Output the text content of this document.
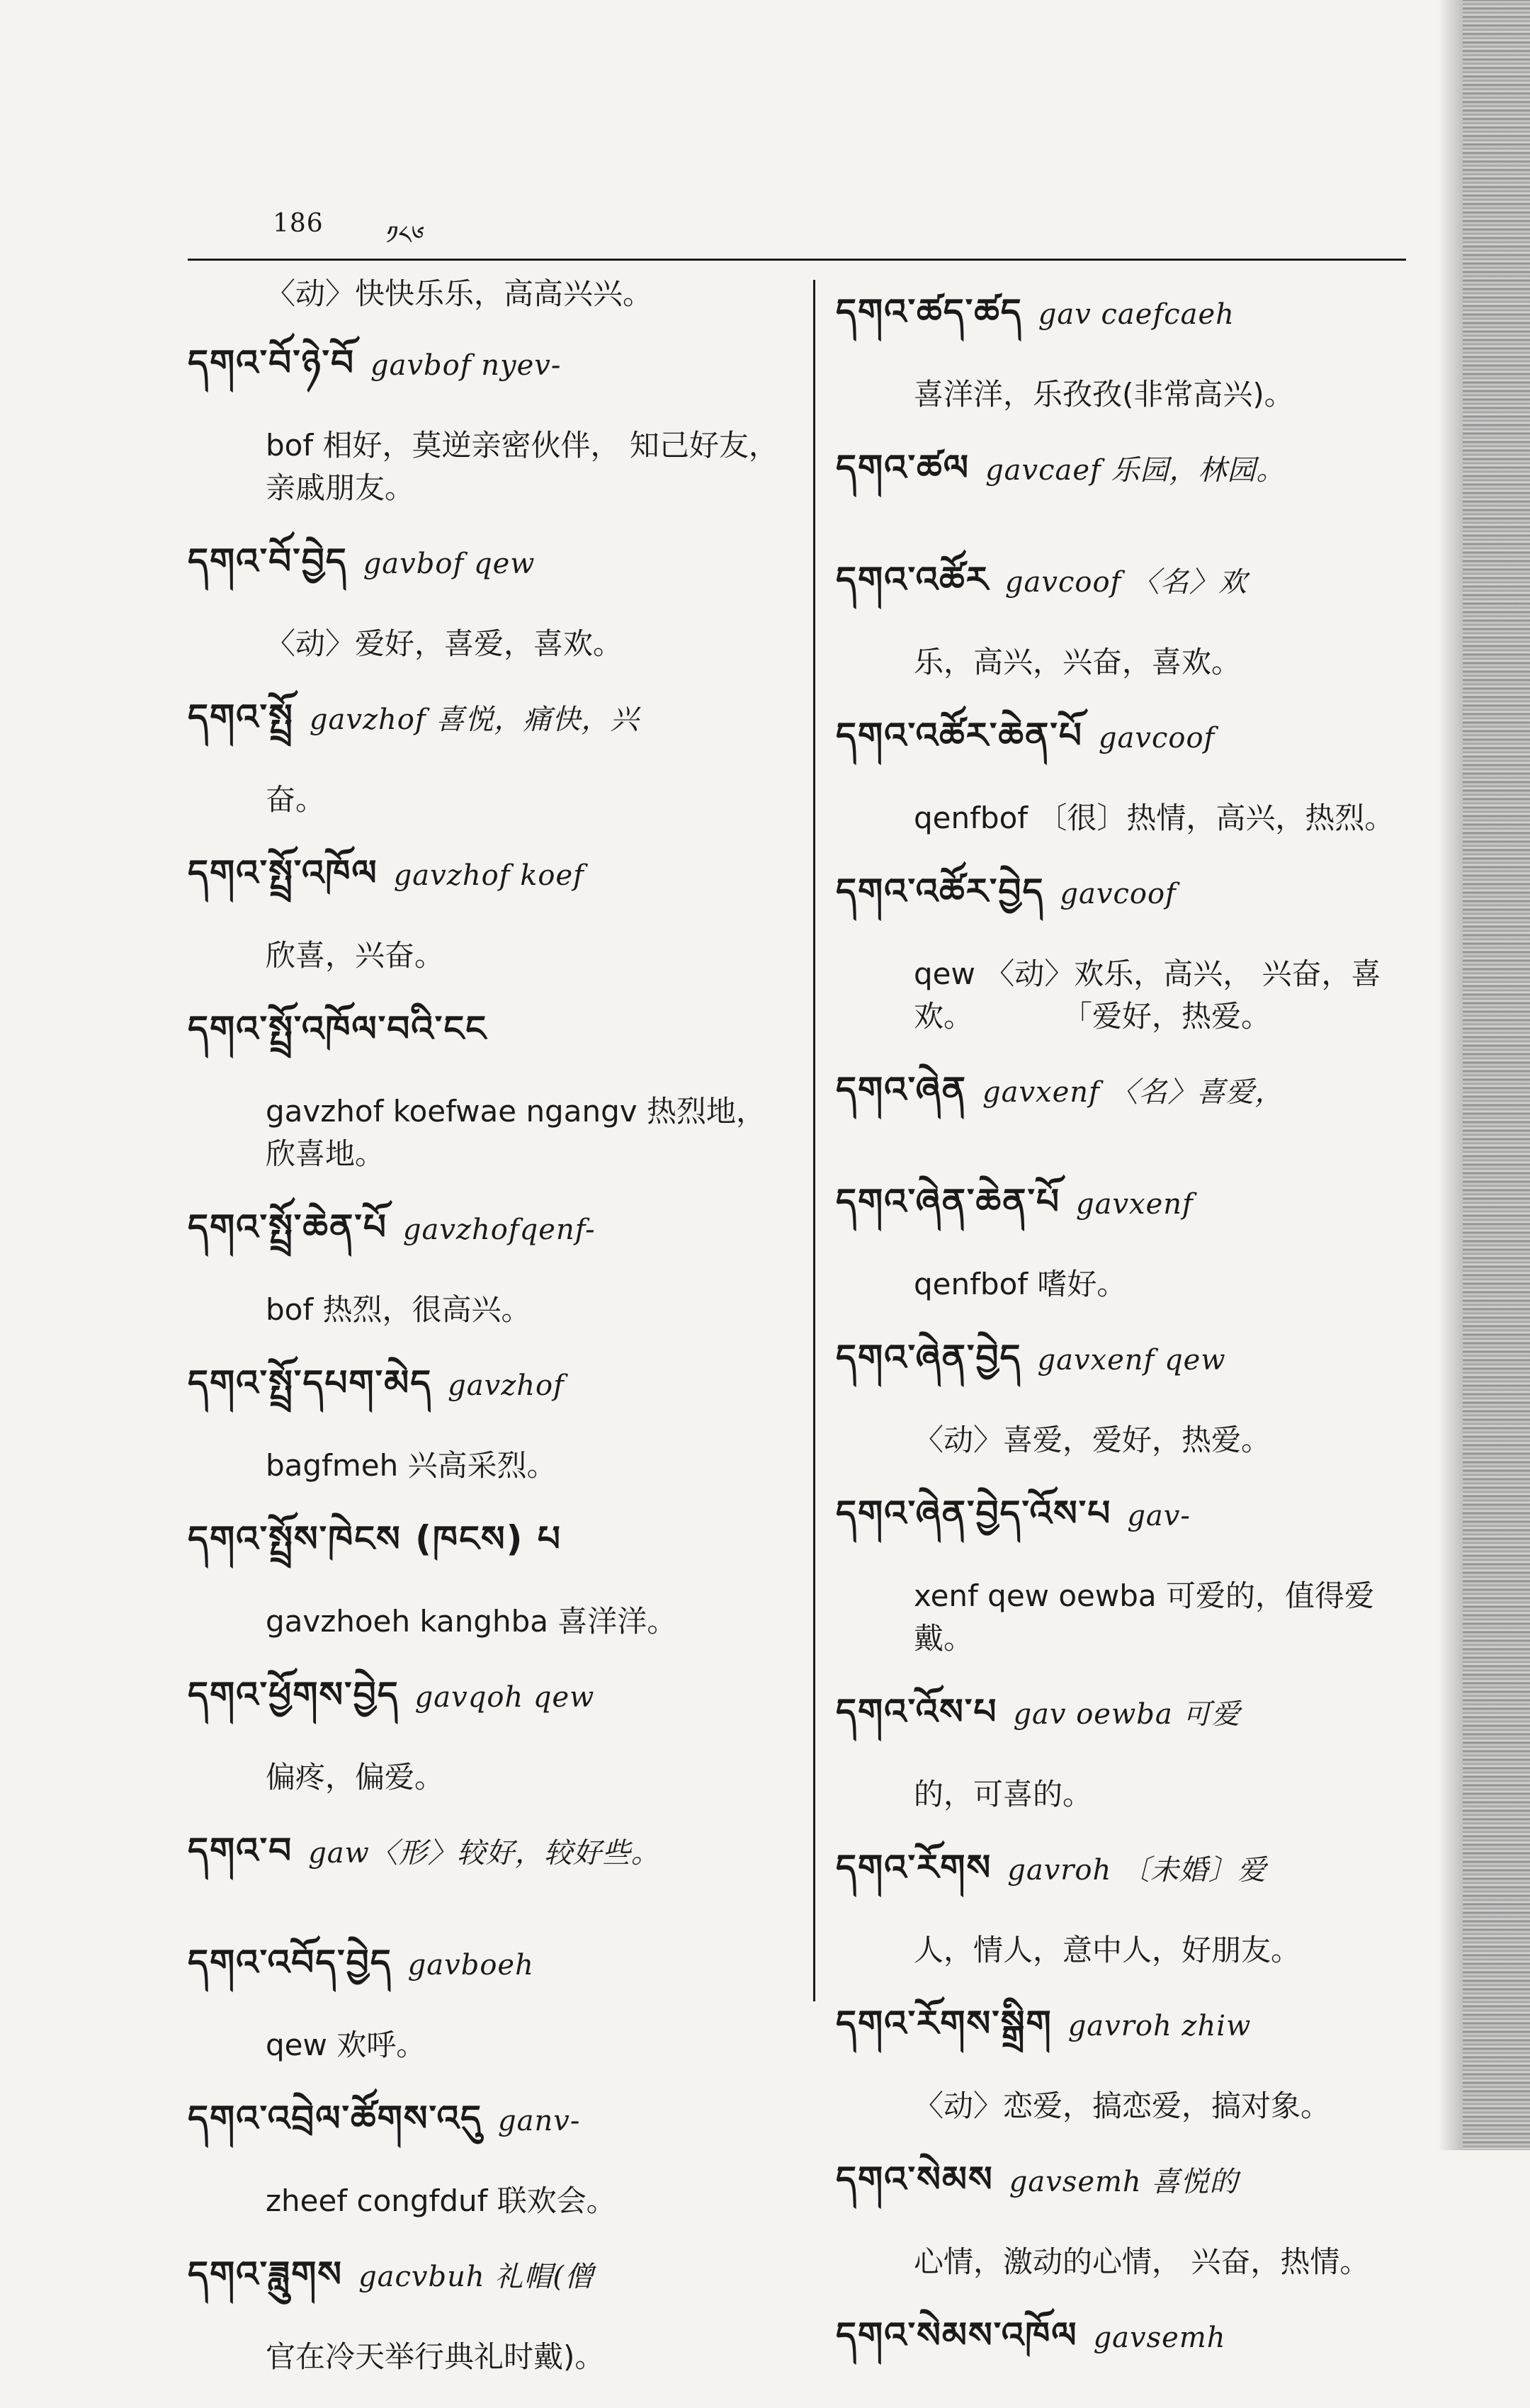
186 ༡༨༦
〈动〉快快乐乐，高高兴兴。
དགའ་བོ་ཉེ་བོ gavbof nyev-
bof 相好，莫逆亲密伙伴， 知己好友，亲戚朋友。
དགའ་བོ་བྱེད gavbof qew
〈动〉爱好，喜爱，喜欢。
དགའ་སྤྲོ gavzhof 喜悦，痛快，兴
奋。
དགའ་སྤྲོ་འཁོལ gavzhof koef
欣喜，兴奋。
དགའ་སྤྲོ་འཁོལ་བའི་ངང
gavzhof koefwae ngangv 热烈地，欣喜地。
དགའ་སྤྲོ་ཆེན་པོ gavzhofqenf-
bof 热烈，很高兴。
དགའ་སྤྲོ་དཔག་མེད gavzhof
bagfmeh 兴高采烈。
དགའ་སྤྲོས་ཁེངས (ཁངས) པ
gavzhoeh kanghba 喜洋洋。
དགའ་ཕྱོགས་བྱེད gavqoh qew
偏疼，偏爱。
དགའ་བ gaw〈形〉较好，较好些。
དགའ་འབོད་བྱེད gavboeh
qew 欢呼。
དགའ་འབྲེལ་ཚོགས་འདུ ganv-
zheef congfduf 联欢会。
དགའ་ཟླུགས gacvbuh 礼帽(僧
官在冷天举行典礼时戴)。
དགའ་ཚད་ཚད gav caefcaeh
喜洋洋，乐孜孜(非常高兴)。
དགའ་ཚལ gavcaef 乐园，林园。
དགའ་འཚོར gavcoof 〈名〉欢
乐，高兴，兴奋，喜欢。
དགའ་འཚོར་ཆེན་པོ gavcoof
qenfbof 〔很〕热情，高兴，热烈。
དགའ་འཚོར་བྱེད gavcoof
qew 〈动〉欢乐，高兴， 兴奋，喜欢。　　　　「爱好，热爱。
དགའ་ཞེན gavxenf 〈名〉喜爱，
དགའ་ཞེན་ཆེན་པོ gavxenf
qenfbof 嗜好。
དགའ་ཞེན་བྱེད gavxenf qew
〈动〉喜爱，爱好，热爱。
དགའ་ཞེན་བྱེད་འོས་པ gav-
xenf qew oewba 可爱的，值得爱戴。
དགའ་འོས་པ gav oewba 可爱
的，可喜的。
དགའ་རོགས gavroh 〔未婚〕爱
人，情人，意中人，好朋友。
དགའ་རོགས་སྒྲིག gavroh zhiw
〈动〉恋爱，搞恋爱，搞对象。
དགའ་སེམས gavsemh 喜悦的
心情，激动的心情， 兴奋，热情。
དགའ་སེམས་འཁོལ gavsemh
